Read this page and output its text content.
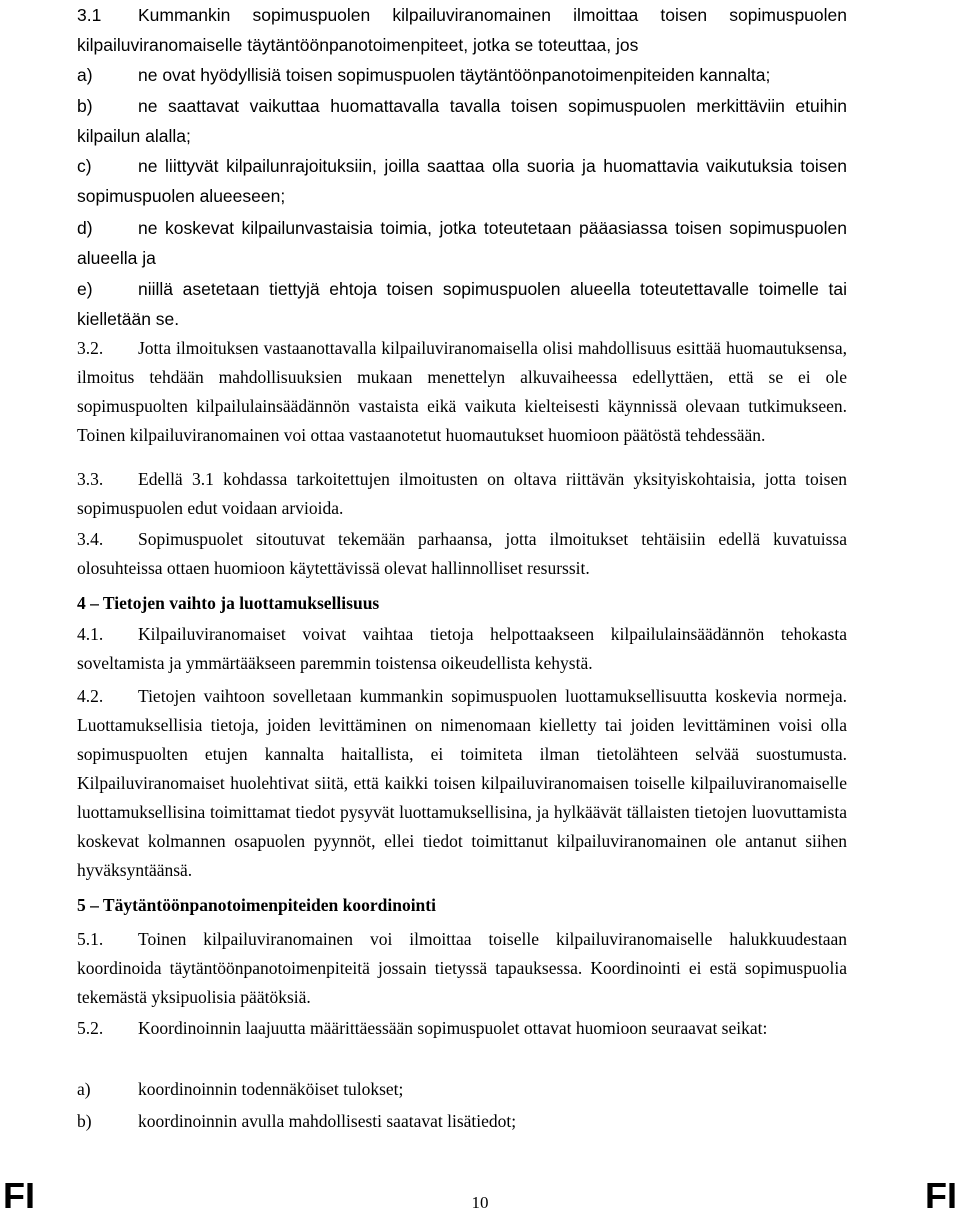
3.1 Kummankin sopimuspuolen kilpailuviranomainen ilmoittaa toisen sopimuspuolen kilpailuviranomaiselle täytäntöönpanotoimenpiteet, jotka se toteuttaa, jos

a)	ne ovat hyödyllisiä toisen sopimuspuolen täytäntöönpanotoimenpiteiden kannalta;

b)	ne saattavat vaikuttaa huomattavalla tavalla toisen sopimuspuolen merkittäviin etuihin kilpailun alalla;

c)	ne liittyvät kilpailunrajoituksiin, joilla saattaa olla suoria ja huomattavia vaikutuksia toisen sopimuspuolen alueeseen;

d)	ne koskevat kilpailunvastaisia toimia, jotka toteutetaan pääasiassa toisen sopimuspuolen alueella ja

e)	niillä asetetaan tiettyjä ehtoja toisen sopimuspuolen alueella toteutettavalle toimelle tai kielletään se.

3.2. Jotta ilmoituksen vastaanottavalla kilpailuviranomaisella olisi mahdollisuus esittää huomautuksensa, ilmoitus tehdään mahdollisuuksien mukaan menettelyn alkuvaiheessa edellyttäen, että se ei ole sopimuspuolten kilpailulainsäädännön vastaista eikä vaikuta kielteisesti käynnissä olevaan tutkimukseen. Toinen kilpailuviranomainen voi ottaa vastaanotetut huomautukset huomioon päätöstä tehdessään.

3.3. Edellä 3.1 kohdassa tarkoitettujen ilmoitusten on oltava riittävän yksityiskohtaisia, jotta toisen sopimuspuolen edut voidaan arvioida.

3.4. Sopimuspuolet sitoutuvat tekemään parhaansa, jotta ilmoitukset tehtäisiin edellä kuvatuissa olosuhteissa ottaen huomioon käytettävissä olevat hallinnolliset resurssit.

4 – Tietojen vaihto ja luottamuksellisuus

4.1. Kilpailuviranomaiset voivat vaihtaa tietoja helpottaakseen kilpailulainsäädännön tehokasta soveltamista ja ymmärtääkseen paremmin toistensa oikeudellista kehystä.

4.2. Tietojen vaihtoon sovelletaan kummankin sopimuspuolen luottamuksellisuutta koskevia normeja. Luottamuksellisia tietoja, joiden levittäminen on nimenomaan kielletty tai joiden levittäminen voisi olla sopimuspuolten etujen kannalta haitallista, ei toimiteta ilman tietolähteen selvää suostumusta. Kilpailuviranomaiset huolehtivat siitä, että kaikki toisen kilpailuviranomaisen toiselle kilpailuviranomaiselle luottamuksellisina toimittamat tiedot pysyvät luottamuksellisina, ja hylkäävät tällaisten tietojen luovuttamista koskevat kolmannen osapuolen pyynnöt, ellei tiedot toimittanut kilpailuviranomainen ole antanut siihen hyväksyntäänsä.

5 – Täytäntöönpanotoimenpiteiden koordinointi

5.1. Toinen kilpailuviranomainen voi ilmoittaa toiselle kilpailuviranomaiselle halukkuudestaan koordinoida täytäntöönpanotoimenpiteitä jossain tietyssä tapauksessa. Koordinointi ei estä sopimuspuolia tekemästä yksipuolisia päätöksiä.

5.2. Koordinoinnin laajuutta määrittäessään sopimuspuolet ottavat huomioon seuraavat seikat:

a)	koordinoinnin todennäköiset tulokset;

b)	koordinoinnin avulla mahdollisesti saatavat lisätiedot;

FI	10	FI
